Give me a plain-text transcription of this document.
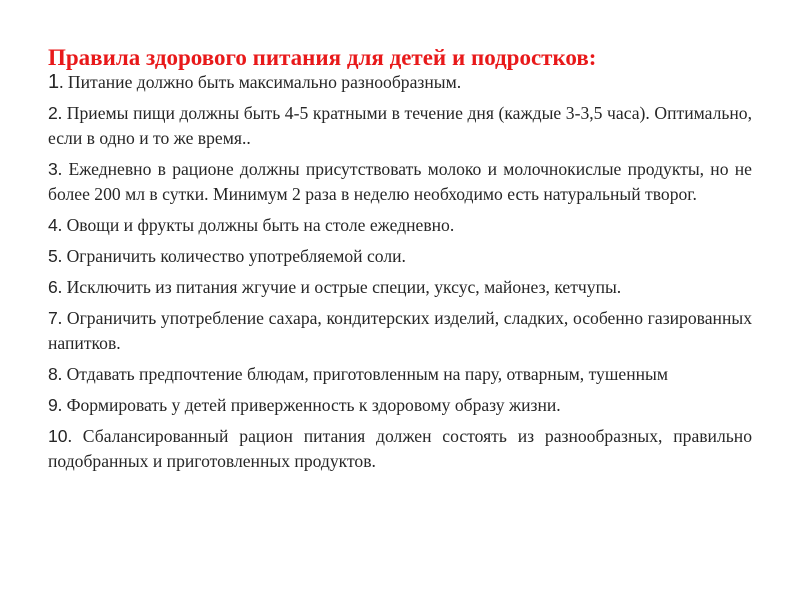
Правила здорового питания для детей и подростков:
1. Питание должно быть максимально разнообразным.
2. Приемы пищи должны быть 4-5 кратными в течение дня (каждые 3-3,5 часа). Оптимально, если в одно и то же время..
3. Ежедневно в рационе должны присутствовать молоко и молочнокислые продукты, но не более 200 мл в сутки. Минимум 2 раза в неделю необходимо есть натуральный творог.
4. Овощи и фрукты должны быть на столе ежедневно.
5. Ограничить количество употребляемой соли.
6. Исключить из питания жгучие и острые специи, уксус, майонез, кетчупы.
7. Ограничить употребление сахара, кондитерских изделий, сладких, особенно газированных напитков.
8. Отдавать предпочтение блюдам, приготовленным на пару, отварным, тушенным
9. Формировать у детей приверженность к здоровому образу жизни.
10. Сбалансированный рацион питания должен состоять из разнообразных, правильно подобранных и приготовленных продуктов.
